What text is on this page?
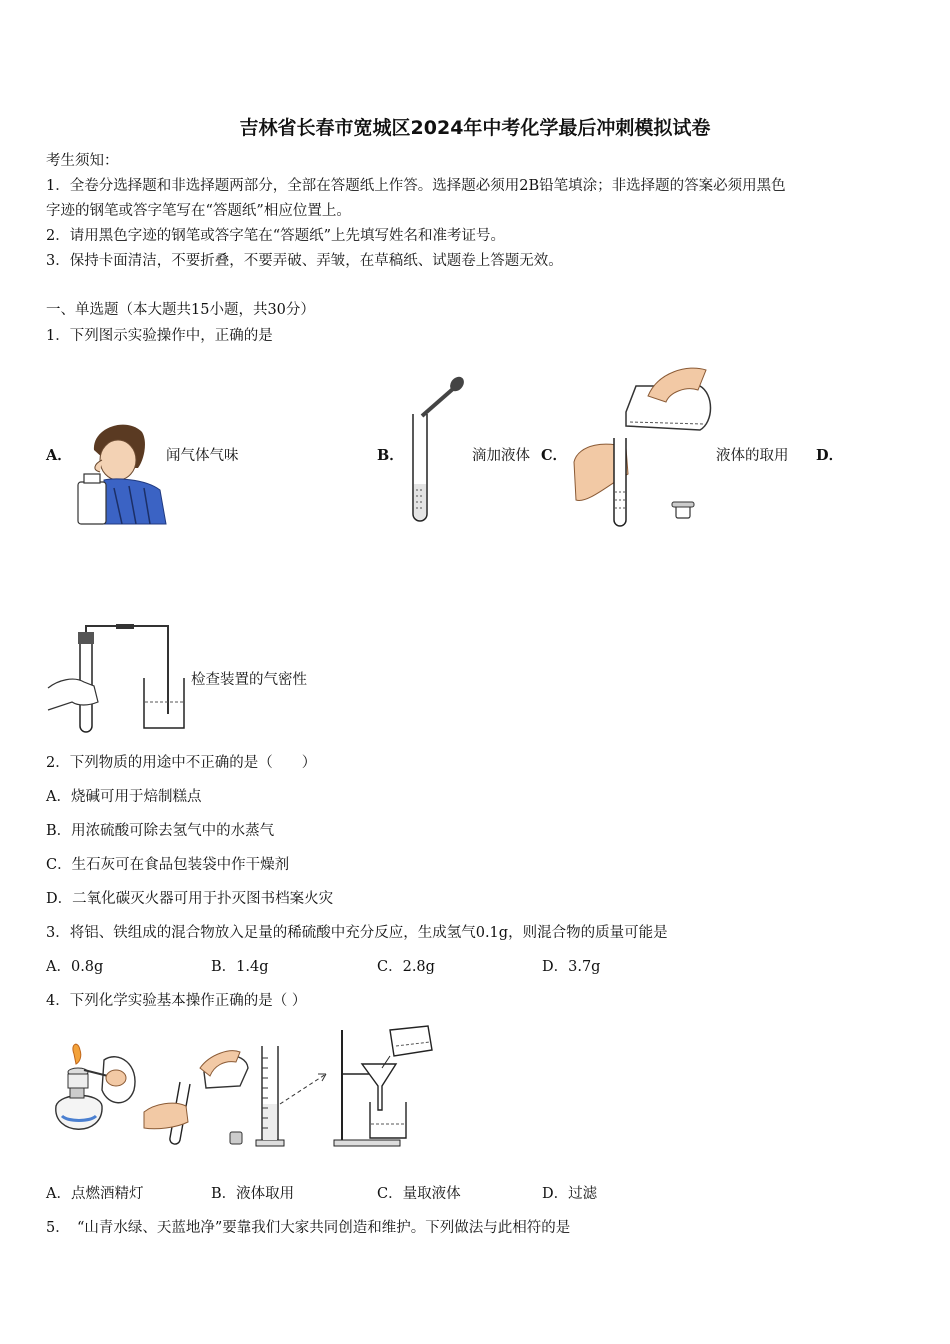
吉林省长春市宽城区2024年中考化学最后冲刺模拟试卷
考生须知：
1．全卷分选择题和非选择题两部分，全部在答题纸上作答。选择题必须用2B铅笔填涂；非选择题的答案必须用黑色
字迹的钢笔或答字笔写在“答题纸”相应位置上。
2．请用黑色字迹的钢笔或答字笔在“答题纸”上先填写姓名和准考证号。
3．保持卡面清洁，不要折叠，不要弄破、弄皱，在草稿纸、试题卷上答题无效。
一、单选题（本大题共15小题，共30分）
1．下列图示实验操作中，正确的是
A．	闻气体气味	B．	滴加液体 C．	液体的取用 D．
检查装置的气密性
2．下列物质的用途中不正确的是（　　）
A．烧碱可用于焙制糕点
B．用浓硫酸可除去氢气中的水蒸气
C．生石灰可在食品包装袋中作干燥剂
D．二氧化碳灭火器可用于扑灭图书档案火灾
3．将铝、铁组成的混合物放入足量的稀硫酸中充分反应，生成氢气0.1g，则混合物的质量可能是
A．0.8g	B．1.4g	C．2.8g	D．3.7g
4．下列化学实验基本操作正确的是（ ）
A．点燃酒精灯	B．液体取用	C．量取液体	D．过滤
5．　“山青水绿、天蓝地净”要靠我们大家共同创造和维护。下列做法与此相符的是
